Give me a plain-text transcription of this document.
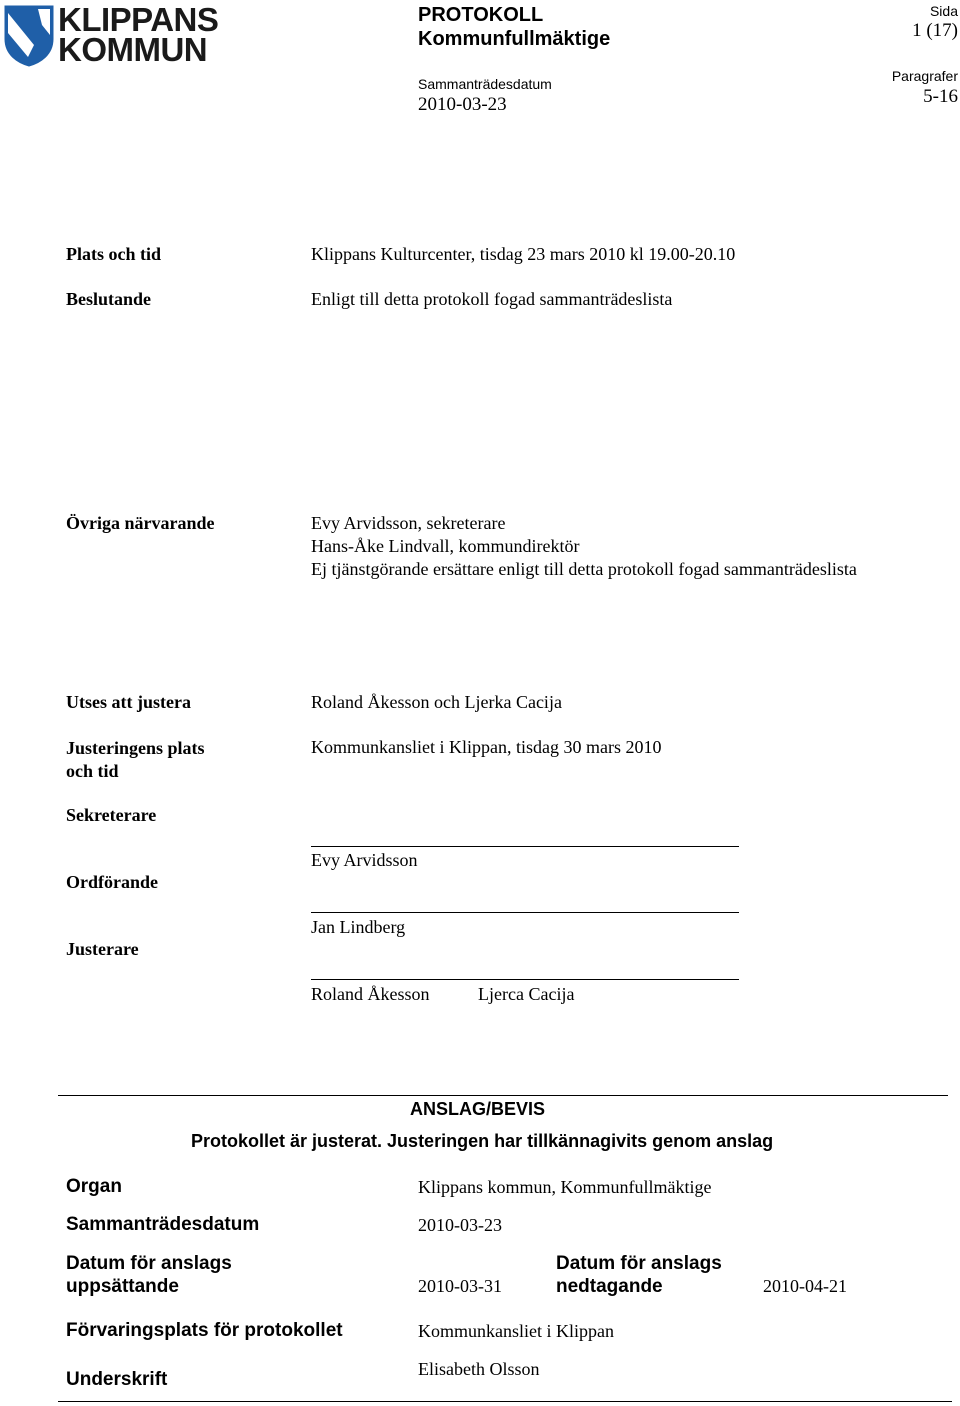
KLIPPANS
KOMMUN
PROTOKOLL
Kommunfullmäktige
Sammanträdesdatum
2010-03-23
Sida
1 (17)
Paragrafer
5-16
Plats och tid	Klippans Kulturcenter, tisdag 23 mars 2010 kl 19.00-20.10
Beslutande	Enligt till detta protokoll fogad sammanträdeslista
Övriga närvarande	Evy Arvidsson, sekreterare
Hans-Åke Lindvall, kommundirektör
Ej tjänstgörande ersättare enligt till detta protokoll fogad sammanträdeslista
Utses att justera	Roland Åkesson och Ljerka Cacija
Justeringens plats
och tid
Kommunkansliet i Klippan, tisdag 30 mars 2010
Sekreterare
Evy Arvidsson
Ordförande
Jan Lindberg
Justerare
Roland Åkesson	Ljerca Cacija
ANSLAG/BEVIS
Protokollet är justerat. Justeringen har tillkännagivits genom anslag
Organ	Klippans kommun, Kommunfullmäktige
Sammanträdesdatum	2010-03-23
Datum för anslags
uppsättande	2010-03-31
Datum för anslags
nedtagande	2010-04-21
Förvaringsplats för protokollet	Kommunkansliet i Klippan
Underskrift	Elisabeth Olsson
